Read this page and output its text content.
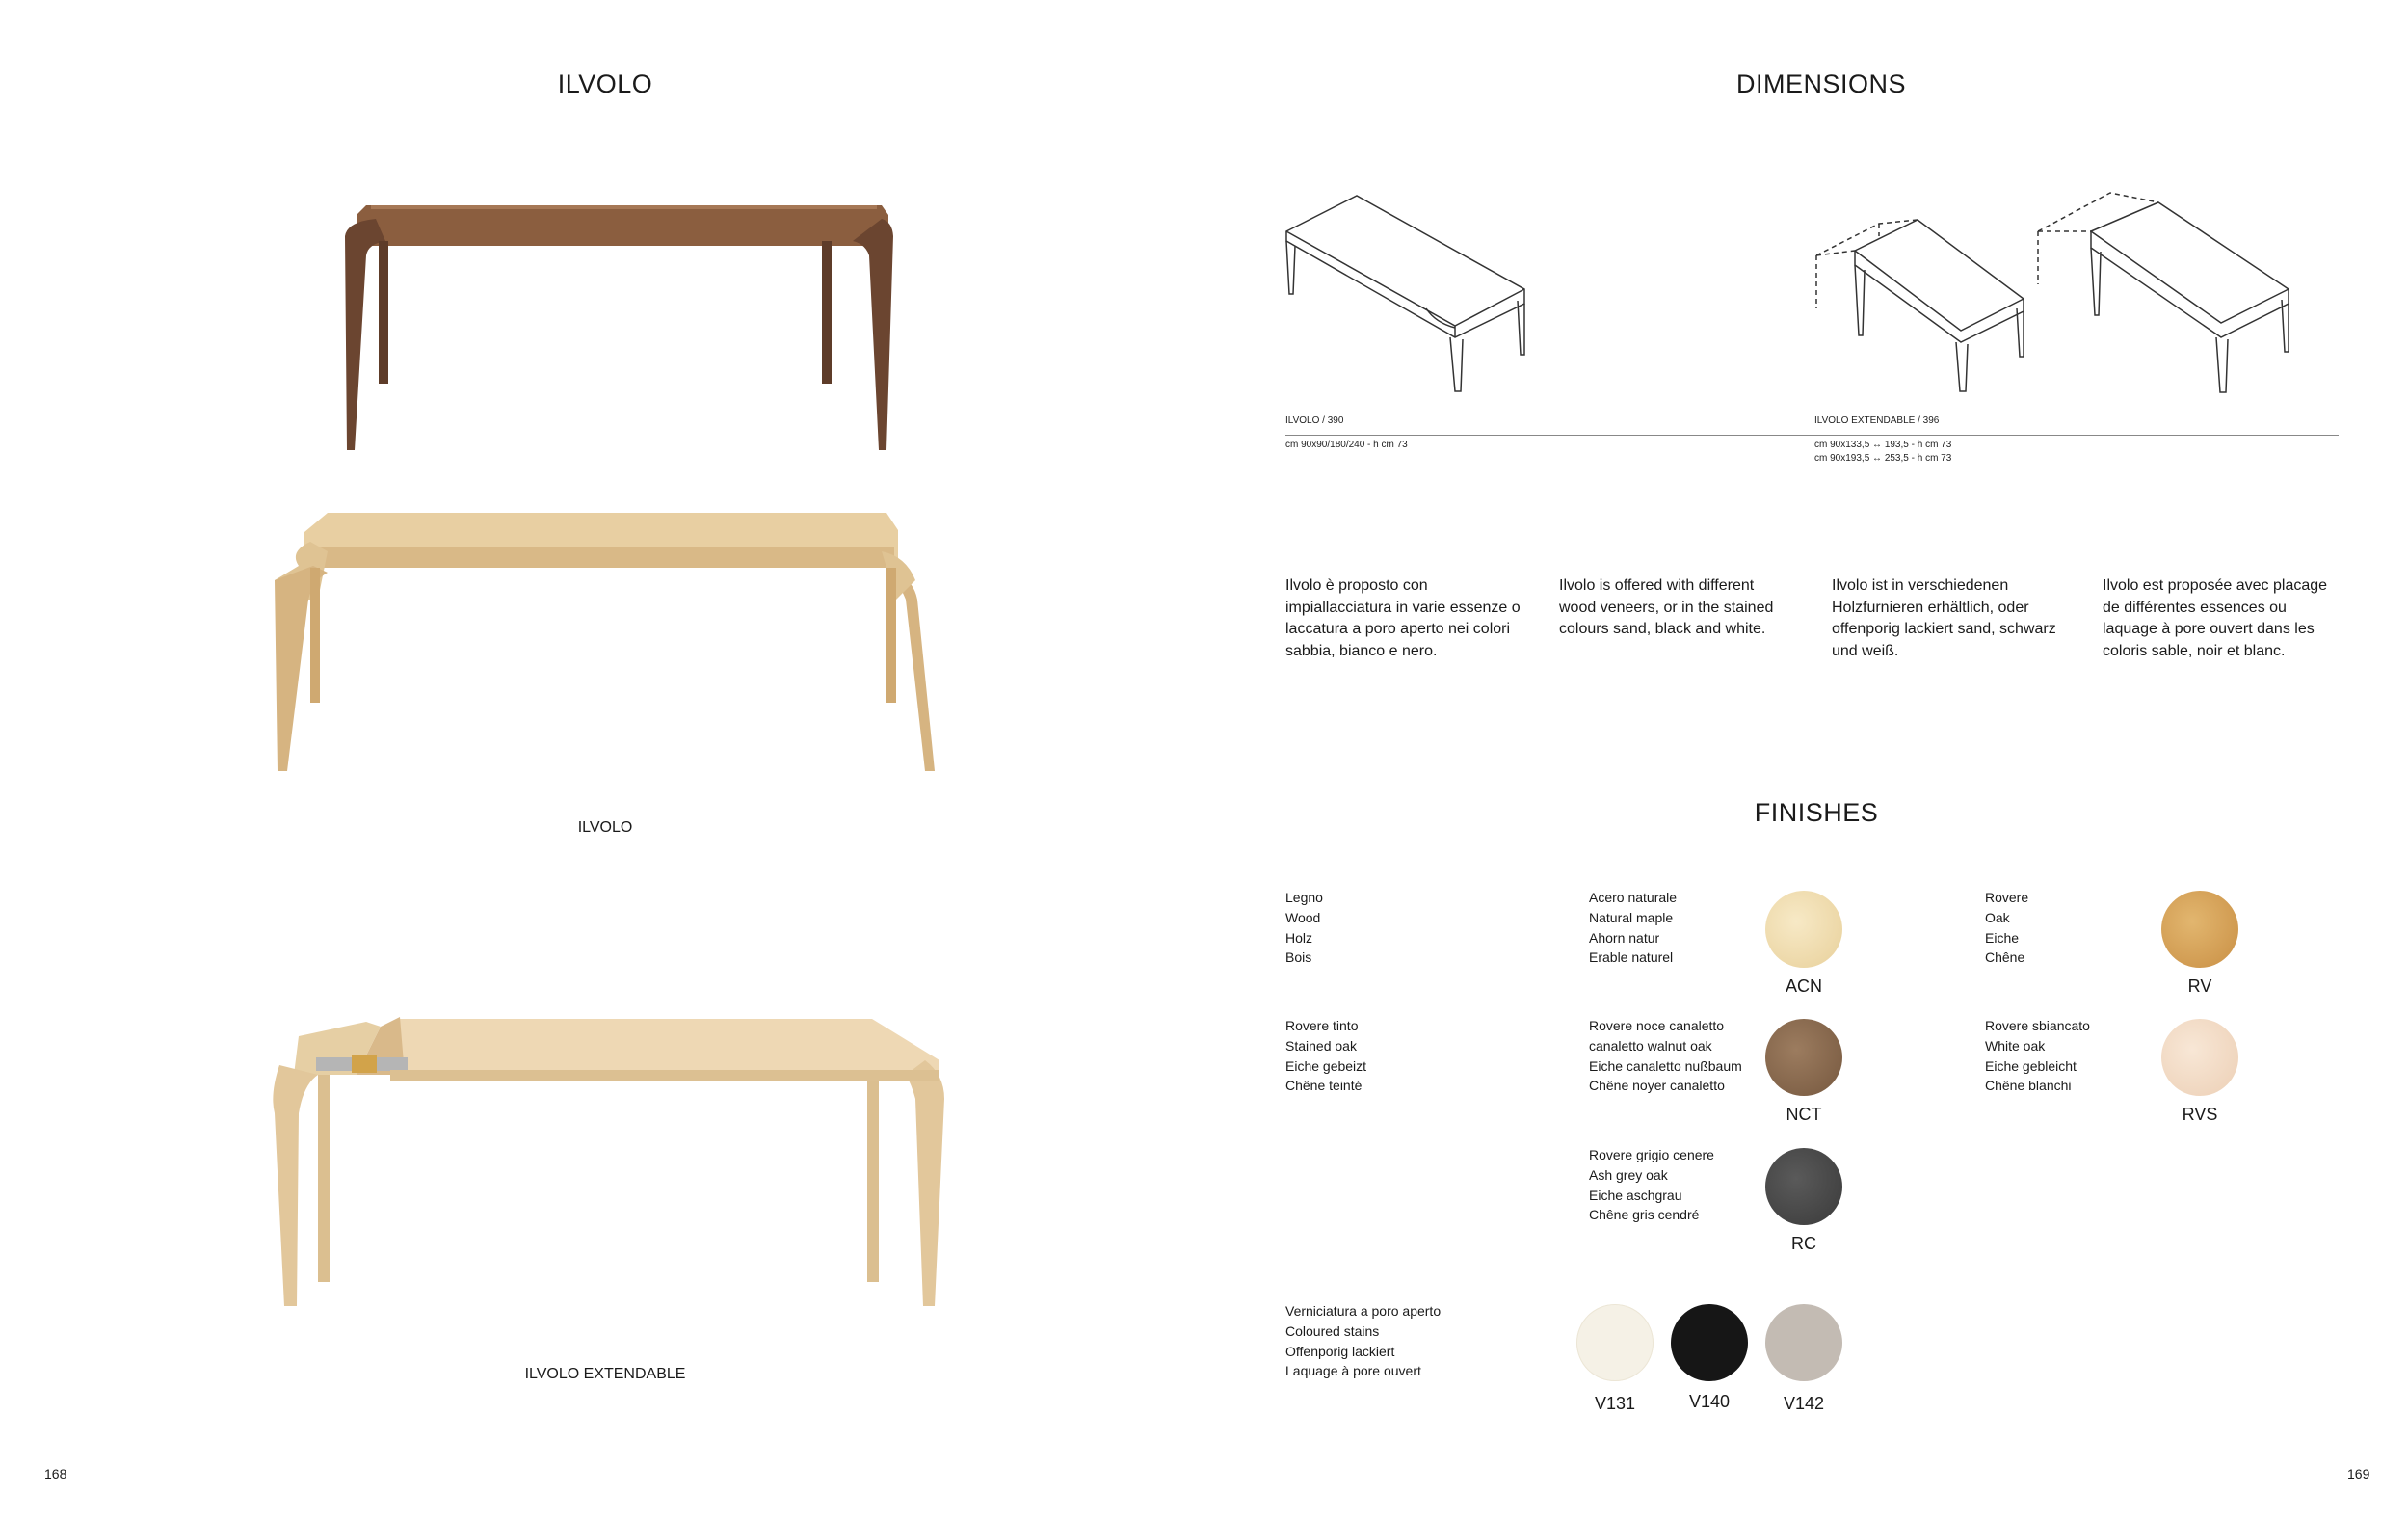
ILVOLO
ILVOLO
ILVOLO EXTENDABLE
168
DIMENSIONS
ILVOLO / 390	ILVOLO EXTENDABLE / 396
cm 90x90/180/240 - h cm 73	cm 90x133,5 ↔ 193,5 - h cm 73
cm 90x193,5 ↔ 253,5 - h cm 73
Ilvolo è proposto con impiallacciatura in varie essenze o laccatura a poro aperto nei colori sabbia, bianco e nero.
Ilvolo is offered with different wood veneers, or in the stained colours sand, black and white.
Ilvolo ist in verschiedenen Holzfurnieren erhältlich, oder offenporig lackiert sand, schwarz und weiß.
Ilvolo est proposée avec placage de différentes essences ou laquage à pore ouvert dans les coloris sable, noir et blanc.
FINISHES
Legno
Wood
Holz
Bois
Rovere tinto
Stained oak
Eiche gebeizt
Chêne teinté
Verniciatura a poro aperto
Coloured stains
Offenporig lackiert
Laquage à pore ouvert
Acero naturale
Natural maple
Ahorn natur
Erable naturel
ACN
Rovere
Oak
Eiche
Chêne
RV
Rovere noce canaletto
canaletto walnut oak
Eiche canaletto nußbaum
Chêne noyer canaletto
NCT
Rovere sbiancato
White oak
Eiche gebleicht
Chêne blanchi
RVS
Rovere grigio cenere
Ash grey oak
Eiche aschgrau
Chêne gris cendré
RC
V131	V140	V142
169
